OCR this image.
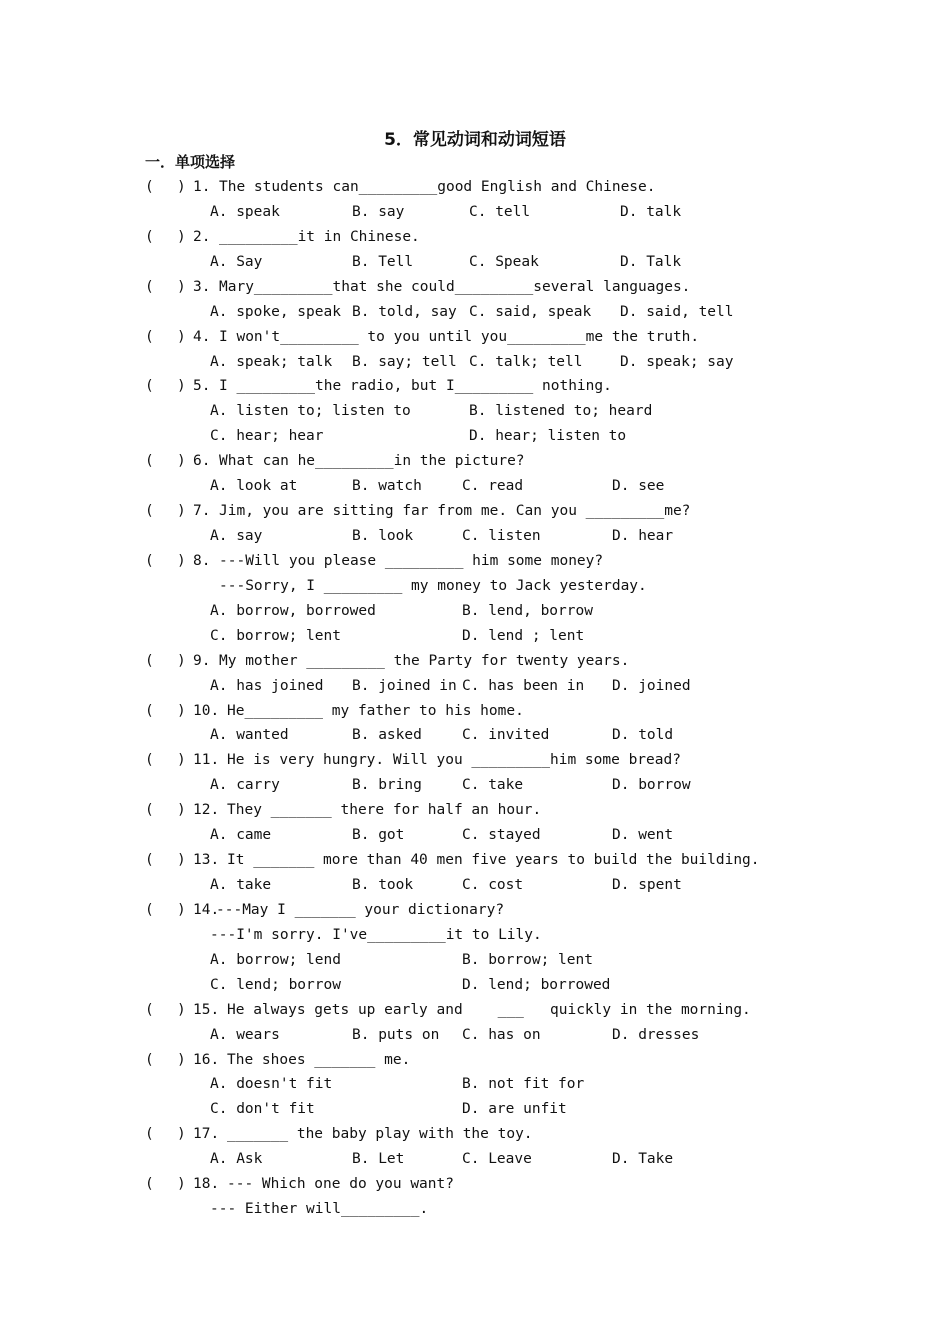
5．常见动词和动词短语
一．单项选择
( ) 1. The students can_________good English and Chinese.
A. speak	B. say	C. tell	D. talk
( ) 2. _________it in Chinese.
A. Say	B. Tell	C. Speak	D. Talk
( ) 3. Mary_________that she could_________several languages.
A. spoke, speak B. told, say C. said, speak D. said, tell
( ) 4. I won't_________ to you until you_________me the truth.
A. speak; talk B. say; tell C. talk; tell	D. speak; say
( ) 5. I _________the radio, but I_________ nothing.
A. listen to; listen to	B. listened to; heard
C. hear; hear	D. hear; listen to
( ) 6. What can he_________in the picture?
A. look at	B. watch	C. read	D. see
( ) 7. Jim, you are sitting far from me. Can you _________me?
A. say	B. look	C. listen	D. hear
( ) 8. ---Will you please _________ him some money?
---Sorry, I _________ my money to Jack yesterday.
A. borrow, borrowed	B. lend, borrow
C. borrow; lent	D. lend ; lent
( ) 9. My mother _________ the Party for twenty years.
A. has joined B. joined in C. has been in D. joined
( ) 10. He_________ my father to his home.
A. wanted	B. asked	C. invited	D. told
( ) 11. He is very hungry. Will you _________him some bread?
A. carry	B. bring	C. take	D. borrow
( ) 12. They _______ there for half an hour.
A. came	B. got	C. stayed	D. went
( ) 13. It _______ more than 40 men five years to build the building.
A. take	B. took	C. cost	D. spent
( ) 14.
---May I _______ your dictionary?
---I'm sorry. I've_________it to Lily.
A. borrow; lend	B. borrow; lent
C. lend; borrow	D. lend; borrowed
( ) 15. He always gets up early and    ___   quickly in the morning.
A. wears	B. puts on C. has on	D. dresses
( ) 16. The shoes _______ me.
A. doesn't fit	B. not fit for
C. don't fit	D. are unfit
( ) 17. _______ the baby play with the toy.
A. Ask	B. Let	C. Leave	D. Take
( ) 18. --- Which one do you want?
--- Either will_________.
